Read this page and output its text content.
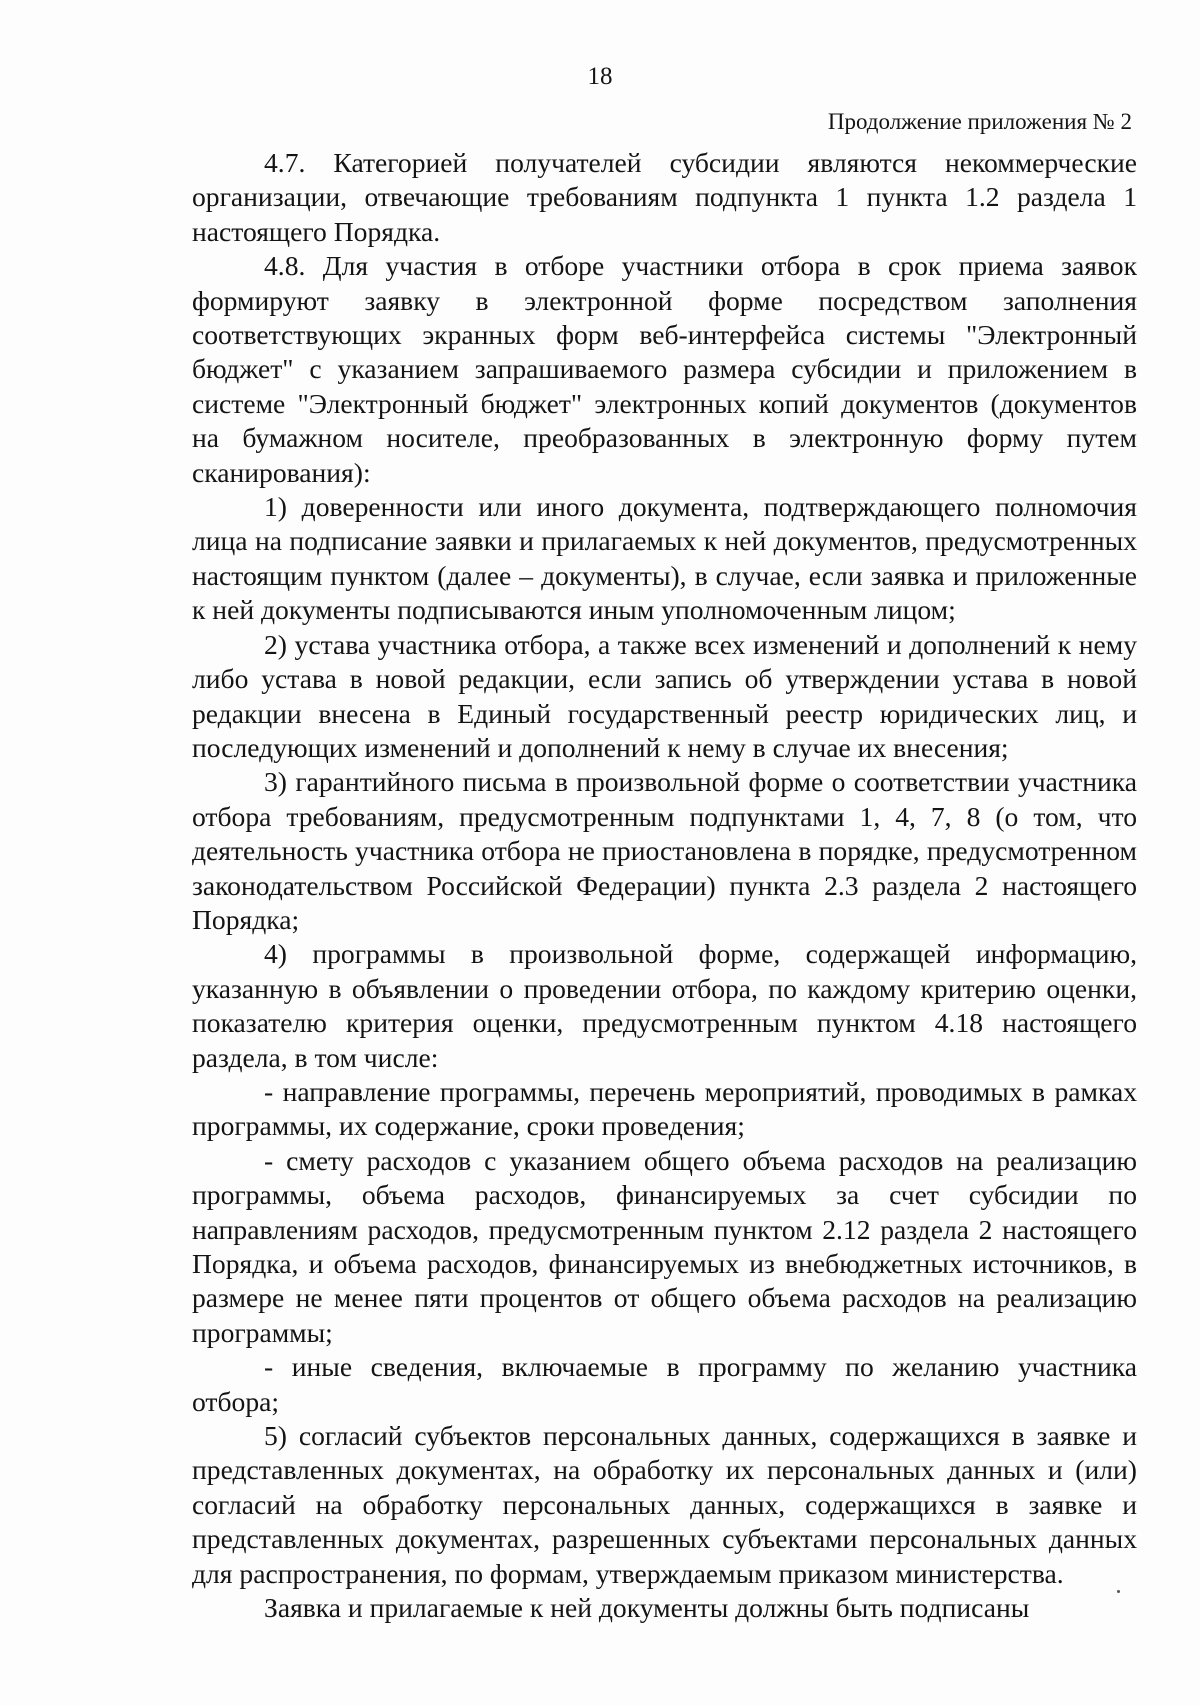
18
Продолжение приложения № 2

4.7. Категорией получателей субсидии являются некоммерческие организации, отвечающие требованиям подпункта 1 пункта 1.2 раздела 1 настоящего Порядка.

4.8. Для участия в отборе участники отбора в срок приема заявок формируют заявку в электронной форме посредством заполнения соответствующих экранных форм веб-интерфейса системы "Электронный бюджет" с указанием запрашиваемого размера субсидии и приложением в системе "Электронный бюджет" электронных копий документов (документов на бумажном носителе, преобразованных в электронную форму путем сканирования):

1) доверенности или иного документа, подтверждающего полномочия лица на подписание заявки и прилагаемых к ней документов, предусмотренных настоящим пунктом (далее – документы), в случае, если заявка и приложенные к ней документы подписываются иным уполномоченным лицом;

2) устава участника отбора, а также всех изменений и дополнений к нему либо устава в новой редакции, если запись об утверждении устава в новой редакции внесена в Единый государственный реестр юридических лиц, и последующих изменений и дополнений к нему в случае их внесения;

3) гарантийного письма в произвольной форме о соответствии участника отбора требованиям, предусмотренным подпунктами 1, 4, 7, 8 (о том, что деятельность участника отбора не приостановлена в порядке, предусмотренном законодательством Российской Федерации) пункта 2.3 раздела 2 настоящего Порядка;

4) программы в произвольной форме, содержащей информацию, указанную в объявлении о проведении отбора, по каждому критерию оценки, показателю критерия оценки, предусмотренным пунктом 4.18 настоящего раздела, в том числе:

- направление программы, перечень мероприятий, проводимых в рамках программы, их содержание, сроки проведения;

- смету расходов с указанием общего объема расходов на реализацию программы, объема расходов, финансируемых за счет субсидии по направлениям расходов, предусмотренным пунктом 2.12 раздела 2 настоящего Порядка, и объема расходов, финансируемых из внебюджетных источников, в размере не менее пяти процентов от общего объема расходов на реализацию программы;

- иные сведения, включаемые в программу по желанию участника отбора;

5) согласий субъектов персональных данных, содержащихся в заявке и представленных документах, на обработку их персональных данных и (или) согласий на обработку персональных данных, содержащихся в заявке и представленных документах, разрешенных субъектами персональных данных для распространения, по формам, утверждаемым приказом министерства.

Заявка и прилагаемые к ней документы должны быть подписаны
